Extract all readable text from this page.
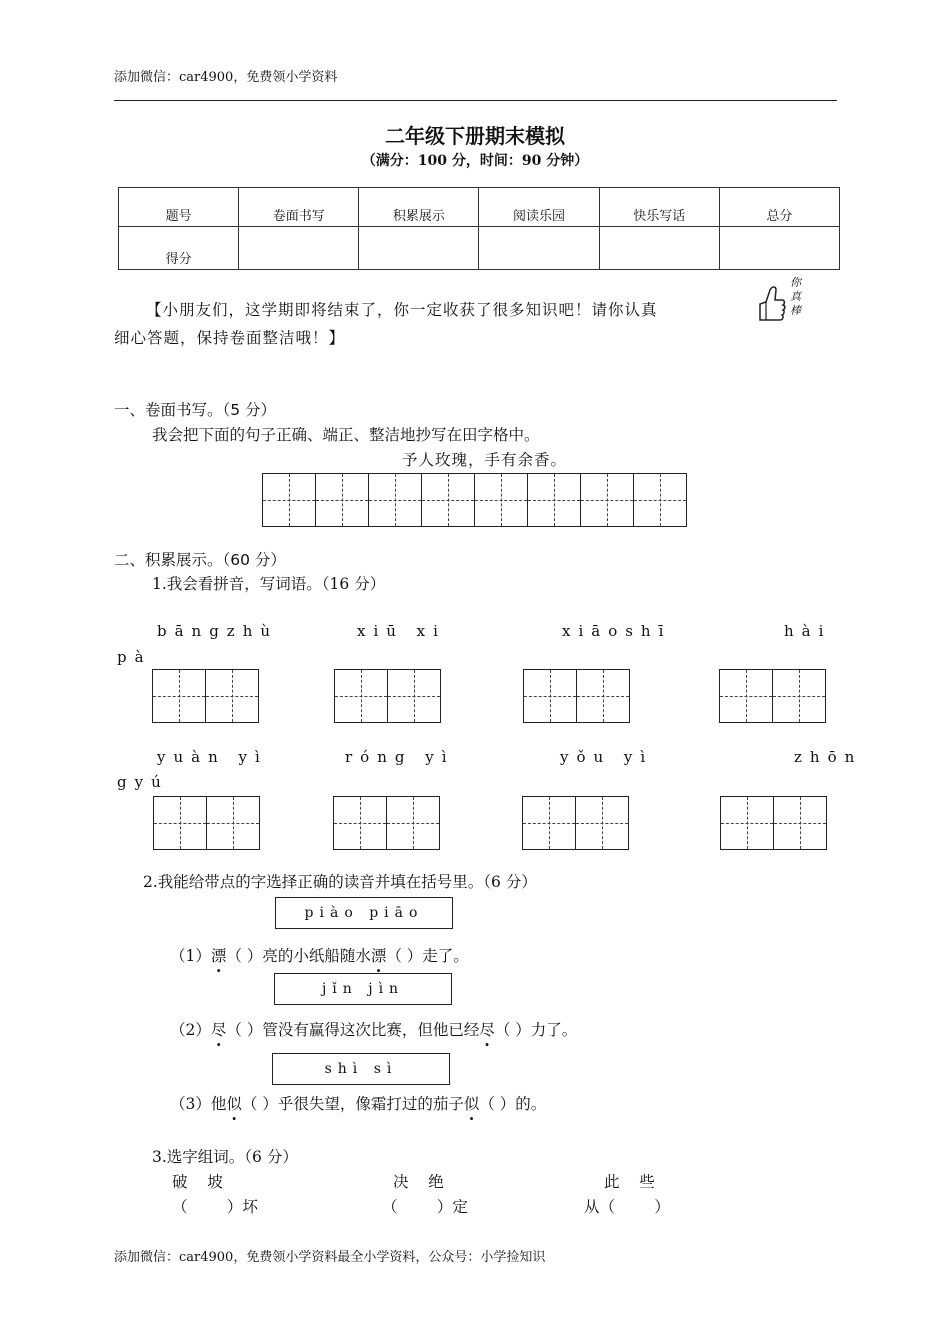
添加微信：car4900，免费领小学资料
二年级下册期末模拟
（满分：100 分，时间：90 分钟）
题号	卷面书写	积累展示	阅读乐园	快乐写话	总分
得分					
【小朋友们，这学期即将结束了，你一定收获了很多知识吧！请你认真
细心答题，保持卷面整洁哦！】
你真棒
一、卷面书写。（5 分）
我会把下面的句子正确、端正、整洁地抄写在田字格中。
予人玫瑰，手有余香。
二、积累展示。（60 分）
1.我会看拼音，写词语。（16 分）
bāngzhù	xiū xi	xiāoshī	hài
pà
yuàn yì	róng yì	yǒu yì	zhōn
gyú
2.我能给带点的字选择正确的读音并填在括号里。（6 分）
piào piāo
（1）漂（ ）亮的小纸船随水漂（ ）走了。
jǐn jìn
（2）尽（ ）管没有赢得这次比赛，但他已经尽（ ）力了。
shì sì
（3）他似（ ）乎很失望，像霜打过的茄子似（ ）的。
3.选字组词。（6 分）
破    坡	决    绝	此    些
（        ）坏	（        ）定	从（        ）
添加微信：car4900，免费领小学资料最全小学资料，公众号：小学捡知识
